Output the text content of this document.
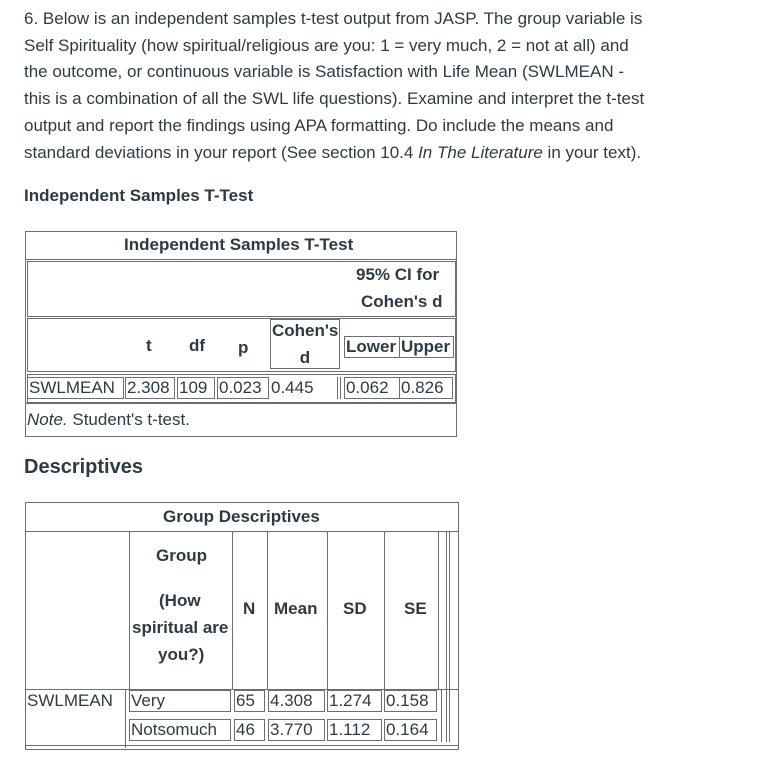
6. Below is an independent samples t-test output from JASP. The group variable is
Self Spirituality (how spiritual/religious are you: 1 = very much, 2 = not at all) and
the outcome, or continuous variable is Satisfaction with Life Mean (SWLMEAN -
this is a combination of all the SWL life questions). Examine and interpret the t-test
output and report the findings using APA formatting. Do include the means and
standard deviations in your report (See section 10.4 In The Literature in your text).
Independent Samples T-Test
Independent Samples T-Test
95% CI for
Cohen's d
t df p
Cohen's
d
Lower Upper
SWLMEAN 2.308 109 0.023 0.445 0.062 0.826
Note. Student's t-test.
Descriptives
Group Descriptives
Group
(How
spiritual are
you?)
N Mean SD SE
SWLMEAN Very	65 4.308 1.274 0.158
Notsomuch	46 3.770 1.112 0.164
